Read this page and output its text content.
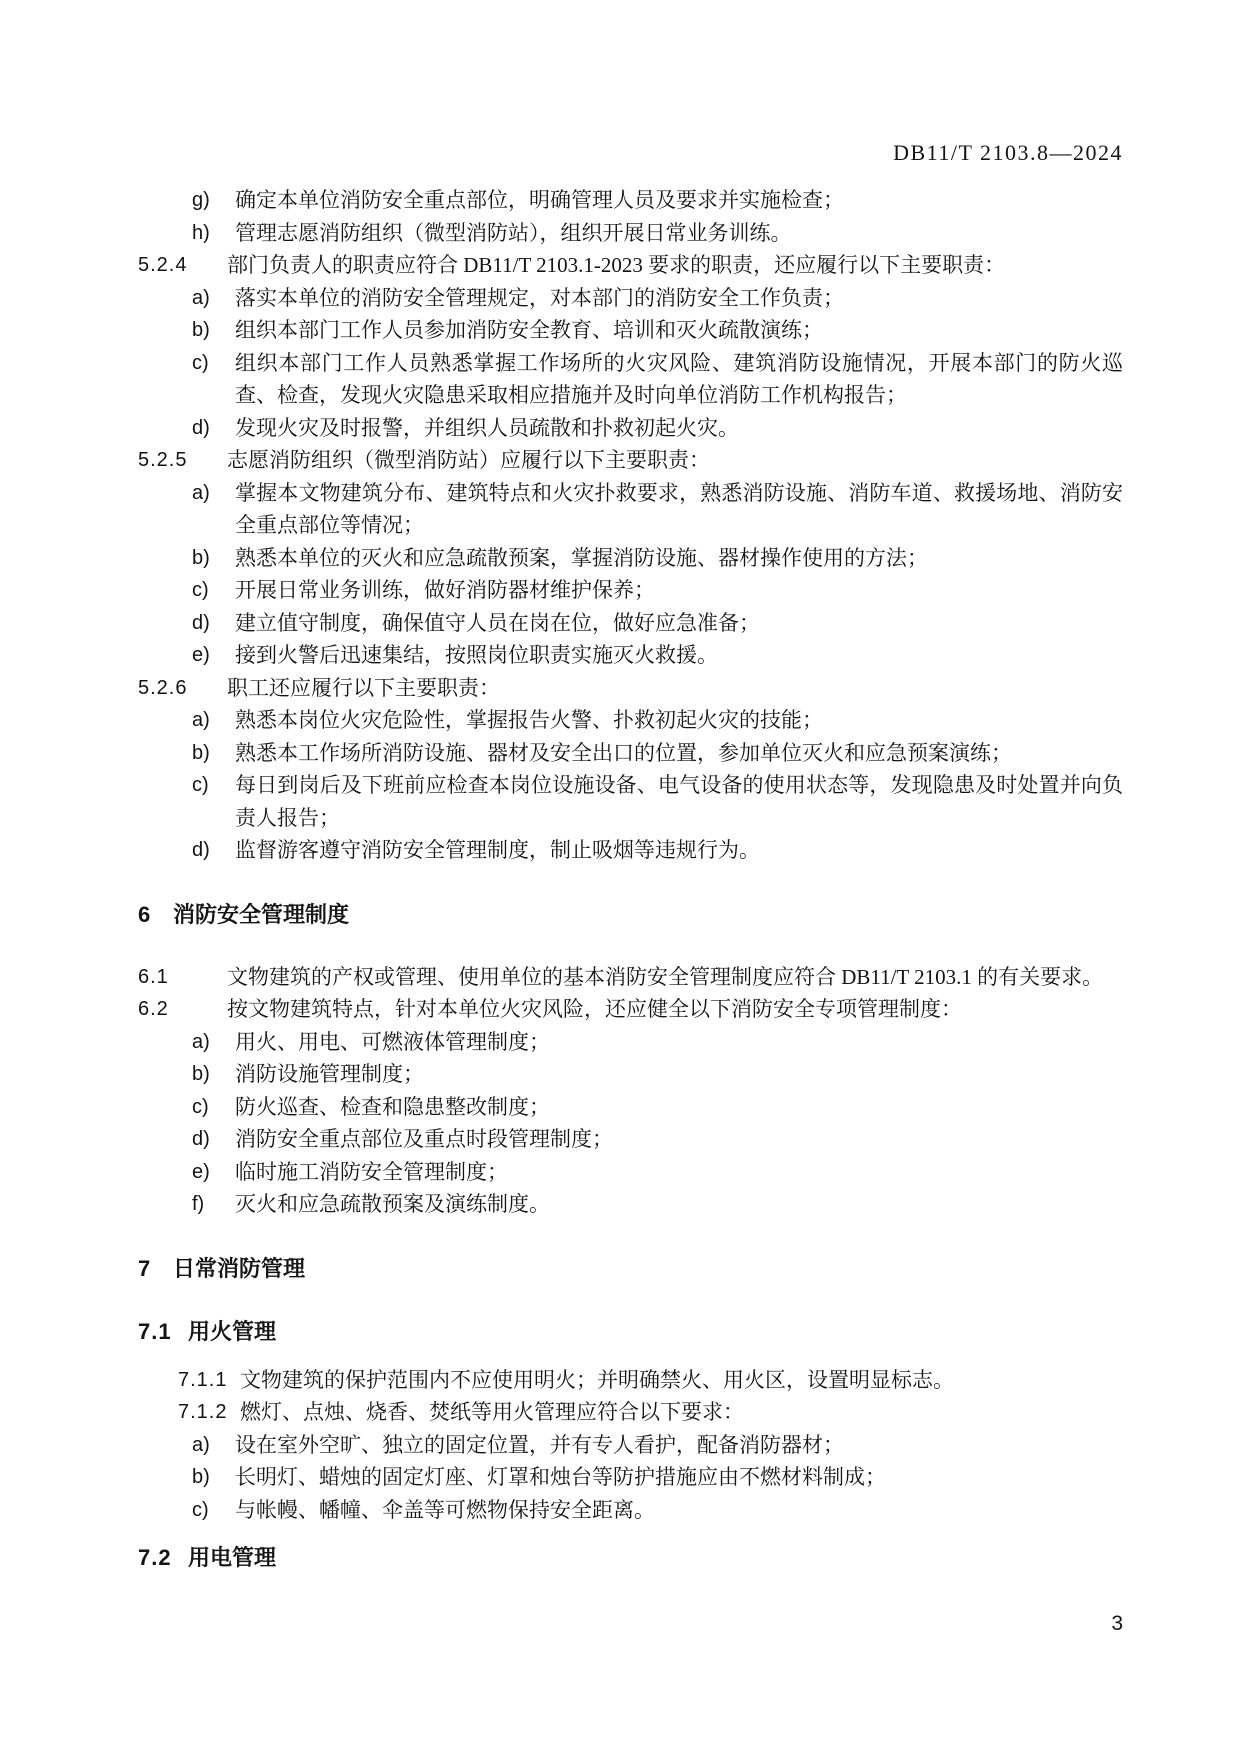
DB11/T 2103.8—2024
g) 确定本单位消防安全重点部位，明确管理人员及要求并实施检查；
h) 管理志愿消防组织（微型消防站），组织开展日常业务训练。
5.2.4 部门负责人的职责应符合 DB11/T 2103.1-2023 要求的职责，还应履行以下主要职责：
a) 落实本单位的消防安全管理规定，对本部门的消防安全工作负责；
b) 组织本部门工作人员参加消防安全教育、培训和灭火疏散演练；
c) 组织本部门工作人员熟悉掌握工作场所的火灾风险、建筑消防设施情况，开展本部门的防火巡查、检查，发现火灾隐患采取相应措施并及时向单位消防工作机构报告；
d) 发现火灾及时报警，并组织人员疏散和扑救初起火灾。
5.2.5 志愿消防组织（微型消防站）应履行以下主要职责：
a) 掌握本文物建筑分布、建筑特点和火灾扑救要求，熟悉消防设施、消防车道、救援场地、消防安全重点部位等情况；
b) 熟悉本单位的灭火和应急疏散预案，掌握消防设施、器材操作使用的方法；
c) 开展日常业务训练，做好消防器材维护保养；
d) 建立值守制度，确保值守人员在岗在位，做好应急准备；
e) 接到火警后迅速集结，按照岗位职责实施灭火救援。
5.2.6 职工还应履行以下主要职责：
a) 熟悉本岗位火灾危险性，掌握报告火警、扑救初起火灾的技能；
b) 熟悉本工作场所消防设施、器材及安全出口的位置，参加单位灭火和应急预案演练；
c) 每日到岗后及下班前应检查本岗位设施设备、电气设备的使用状态等，发现隐患及时处置并向负责人报告；
d) 监督游客遵守消防安全管理制度，制止吸烟等违规行为。
6 消防安全管理制度
6.1	文物建筑的产权或管理、使用单位的基本消防安全管理制度应符合 DB11/T 2103.1 的有关要求。
6.2	按文物建筑特点，针对本单位火灾风险，还应健全以下消防安全专项管理制度：
a) 用火、用电、可燃液体管理制度；
b) 消防设施管理制度；
c) 防火巡查、检查和隐患整改制度；
d) 消防安全重点部位及重点时段管理制度；
e) 临时施工消防安全管理制度；
f) 灭火和应急疏散预案及演练制度。
7 日常消防管理
7.1 用火管理
7.1.1 文物建筑的保护范围内不应使用明火；并明确禁火、用火区，设置明显标志。
7.1.2 燃灯、点烛、烧香、焚纸等用火管理应符合以下要求：
a) 设在室外空旷、独立的固定位置，并有专人看护，配备消防器材；
b) 长明灯、蜡烛的固定灯座、灯罩和烛台等防护措施应由不燃材料制成；
c) 与帐幔、幡幢、伞盖等可燃物保持安全距离。
7.2 用电管理
3
